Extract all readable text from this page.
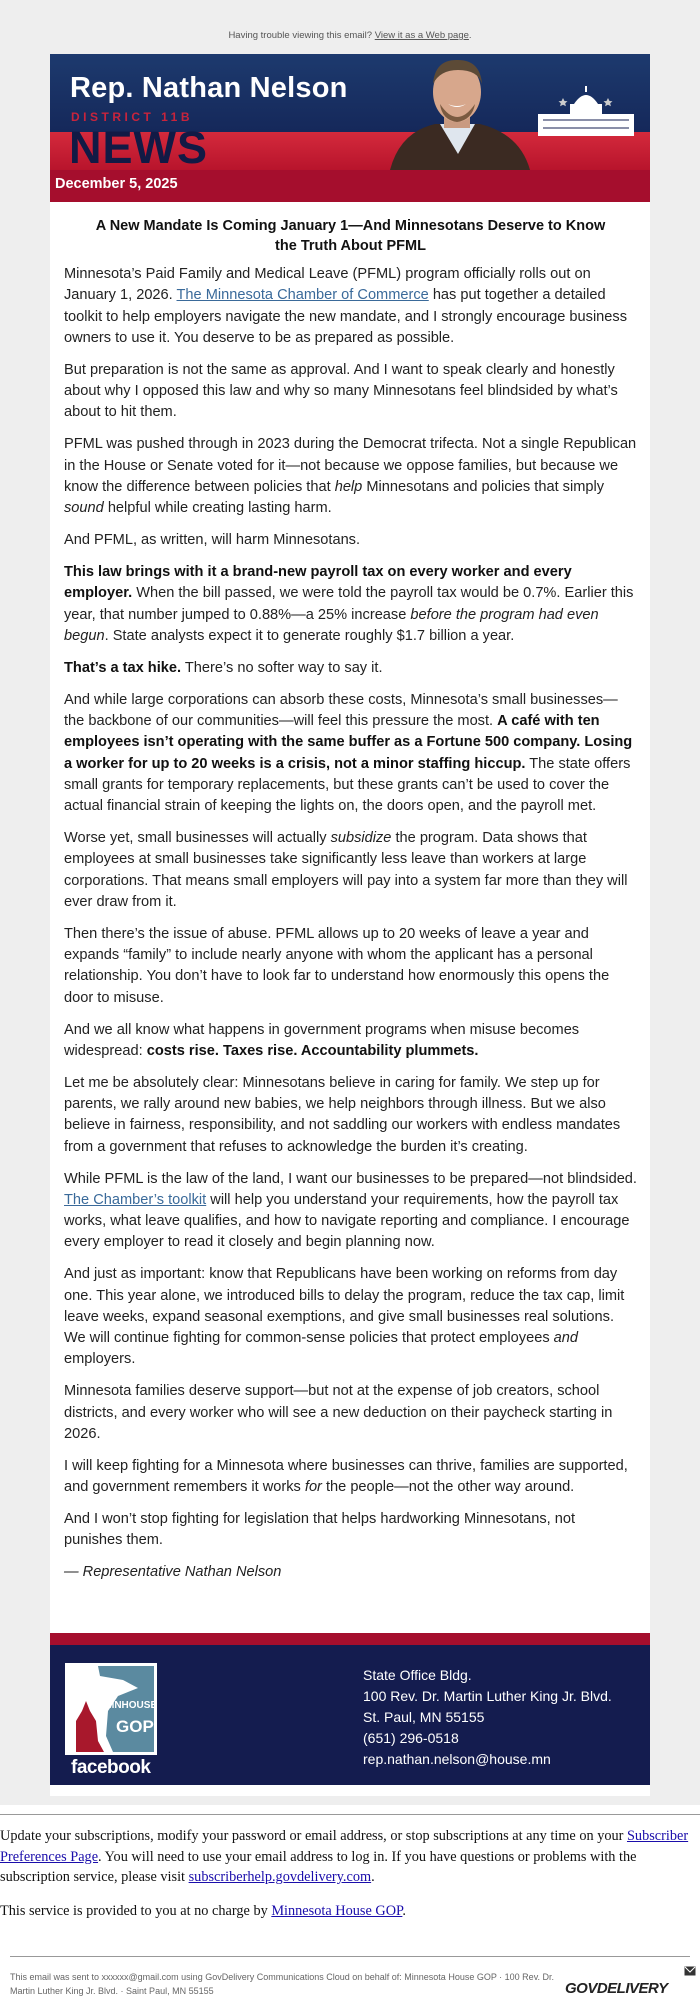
Having trouble viewing this email? View it as a Web page.
Rep. Nathan Nelson
DISTRICT 11B
NEWS
December 5, 2025
A New Mandate Is Coming January 1—And Minnesotans Deserve to Know the Truth About PFML
Minnesota’s Paid Family and Medical Leave (PFML) program officially rolls out on January 1, 2026. The Minnesota Chamber of Commerce has put together a detailed toolkit to help employers navigate the new mandate, and I strongly encourage business owners to use it. You deserve to be as prepared as possible.
But preparation is not the same as approval. And I want to speak clearly and honestly about why I opposed this law and why so many Minnesotans feel blindsided by what’s about to hit them.
PFML was pushed through in 2023 during the Democrat trifecta. Not a single Republican in the House or Senate voted for it—not because we oppose families, but because we know the difference between policies that help Minnesotans and policies that simply sound helpful while creating lasting harm.
And PFML, as written, will harm Minnesotans.
This law brings with it a brand-new payroll tax on every worker and every employer. When the bill passed, we were told the payroll tax would be 0.7%. Earlier this year, that number jumped to 0.88%—a 25% increase before the program had even begun. State analysts expect it to generate roughly $1.7 billion a year.
That’s a tax hike. There’s no softer way to say it.
And while large corporations can absorb these costs, Minnesota’s small businesses—the backbone of our communities—will feel this pressure the most. A café with ten employees isn’t operating with the same buffer as a Fortune 500 company. Losing a worker for up to 20 weeks is a crisis, not a minor staffing hiccup. The state offers small grants for temporary replacements, but these grants can’t be used to cover the actual financial strain of keeping the lights on, the doors open, and the payroll met.
Worse yet, small businesses will actually subsidize the program. Data shows that employees at small businesses take significantly less leave than workers at large corporations. That means small employers will pay into a system far more than they will ever draw from it.
Then there’s the issue of abuse. PFML allows up to 20 weeks of leave a year and expands “family” to include nearly anyone with whom the applicant has a personal relationship. You don’t have to look far to understand how enormously this opens the door to misuse.
And we all know what happens in government programs when misuse becomes widespread: costs rise. Taxes rise. Accountability plummets.
Let me be absolutely clear: Minnesotans believe in caring for family. We step up for parents, we rally around new babies, we help neighbors through illness. But we also believe in fairness, responsibility, and not saddling our workers with endless mandates from a government that refuses to acknowledge the burden it’s creating.
While PFML is the law of the land, I want our businesses to be prepared—not blindsided. The Chamber’s toolkit will help you understand your requirements, how the payroll tax works, what leave qualifies, and how to navigate reporting and compliance. I encourage every employer to read it closely and begin planning now.
And just as important: know that Republicans have been working on reforms from day one. This year alone, we introduced bills to delay the program, reduce the tax cap, limit leave weeks, expand seasonal exemptions, and give small businesses real solutions. We will continue fighting for common-sense policies that protect employees and employers.
Minnesota families deserve support—but not at the expense of job creators, school districts, and every worker who will see a new deduction on their paycheck starting in 2026.
I will keep fighting for a Minnesota where businesses can thrive, families are supported, and government remembers it works for the people—not the other way around.
And I won’t stop fighting for legislation that helps hardworking Minnesotans, not punishes them.
— Representative Nathan Nelson
MNHOUSE
GOP
facebook
State Office Bldg.
100 Rev. Dr. Martin Luther King Jr. Blvd.
St. Paul, MN 55155
(651) 296-0518
rep.nathan.nelson@house.mn
Update your subscriptions, modify your password or email address, or stop subscriptions at any time on your Subscriber Preferences Page. You will need to use your email address to log in. If you have questions or problems with the subscription service, please visit subscriberhelp.govdelivery.com.
This service is provided to you at no charge by Minnesota House GOP.
This email was sent to xxxxxx@gmail.com using GovDelivery Communications Cloud on behalf of: Minnesota House GOP · 100 Rev. Dr. Martin Luther King Jr. Blvd. · Saint Paul, MN 55155	GOVDELIVERY
